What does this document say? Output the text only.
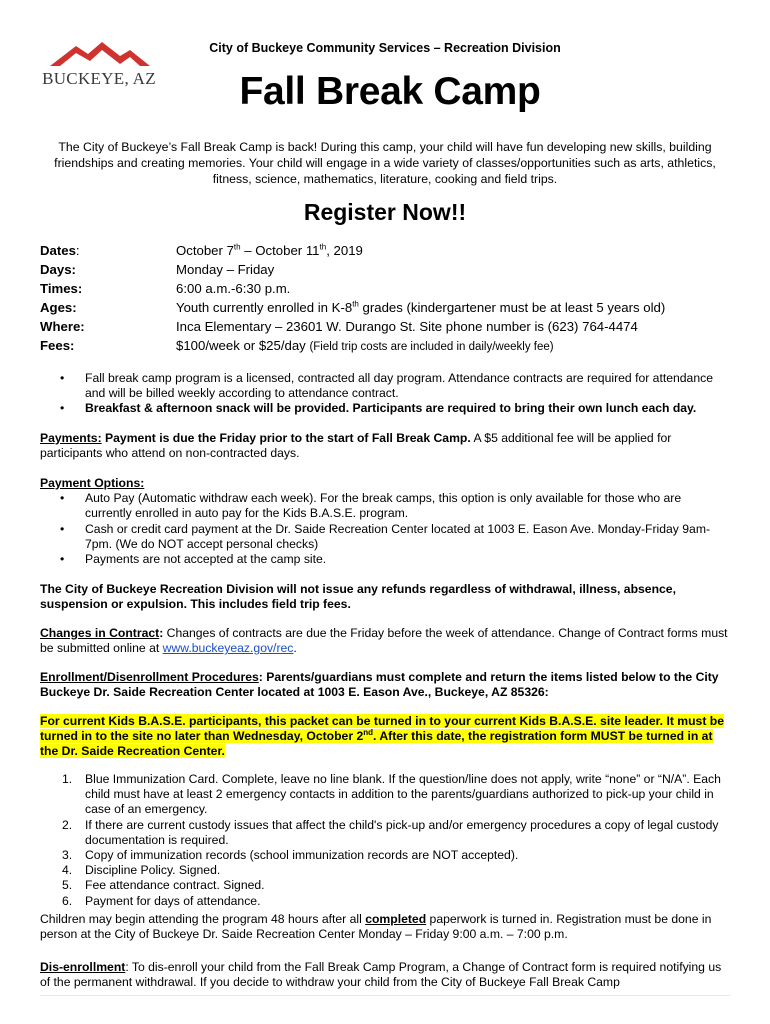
BUCKEYE, AZ
City of Buckeye Community Services – Recreation Division
Fall Break Camp
The City of Buckeye’s Fall Break Camp is back! During this camp, your child will have fun developing new skills, building friendships and creating memories. Your child will engage in a wide variety of classes/opportunities such as arts, athletics, fitness, science, mathematics, literature, cooking and field trips.
Register Now!!
Dates:	October 7th – October 11th, 2019
Days:	Monday – Friday
Times:	6:00 a.m.-6:30 p.m.
Ages:	Youth currently enrolled in K-8th grades (kindergartener must be at least 5 years old)
Where:	Inca Elementary – 23601 W. Durango St. Site phone number is (623) 764-4474
Fees:	$100/week or $25/day (Field trip costs are included in daily/weekly fee)
• Fall break camp program is a licensed, contracted all day program. Attendance contracts are required for attendance and will be billed weekly according to attendance contract.
• Breakfast & afternoon snack will be provided. Participants are required to bring their own lunch each day.
Payments: Payment is due the Friday prior to the start of Fall Break Camp. A $5 additional fee will be applied for participants who attend on non-contracted days.
Payment Options:
• Auto Pay (Automatic withdraw each week). For the break camps, this option is only available for those who are currently enrolled in auto pay for the Kids B.A.S.E. program.
• Cash or credit card payment at the Dr. Saide Recreation Center located at 1003 E. Eason Ave. Monday-Friday 9am-7pm. (We do NOT accept personal checks)
• Payments are not accepted at the camp site.
The City of Buckeye Recreation Division will not issue any refunds regardless of withdrawal, illness, absence, suspension or expulsion. This includes field trip fees.
Changes in Contract: Changes of contracts are due the Friday before the week of attendance. Change of Contract forms must be submitted online at www.buckeyeaz.gov/rec.
Enrollment/Disenrollment Procedures: Parents/guardians must complete and return the items listed below to the City Buckeye Dr. Saide Recreation Center located at 1003 E. Eason Ave., Buckeye, AZ 85326:
For current Kids B.A.S.E. participants, this packet can be turned in to your current Kids B.A.S.E. site leader. It must be turned in to the site no later than Wednesday, October 2nd. After this date, the registration form MUST be turned in at the Dr. Saide Recreation Center.
1. Blue Immunization Card. Complete, leave no line blank. If the question/line does not apply, write “none” or “N/A”. Each child must have at least 2 emergency contacts in addition to the parents/guardians authorized to pick-up your child in case of an emergency.
2. If there are current custody issues that affect the child's pick-up and/or emergency procedures a copy of legal custody documentation is required.
3. Copy of immunization records (school immunization records are NOT accepted).
4. Discipline Policy. Signed.
5. Fee attendance contract. Signed.
6. Payment for days of attendance.
Children may begin attending the program 48 hours after all completed paperwork is turned in. Registration must be done in person at the City of Buckeye Dr. Saide Recreation Center Monday – Friday 9:00 a.m. – 7:00 p.m.
Dis-enrollment: To dis-enroll your child from the Fall Break Camp Program, a Change of Contract form is required notifying us of the permanent withdrawal. If you decide to withdraw your child from the City of Buckeye Fall Break Camp
